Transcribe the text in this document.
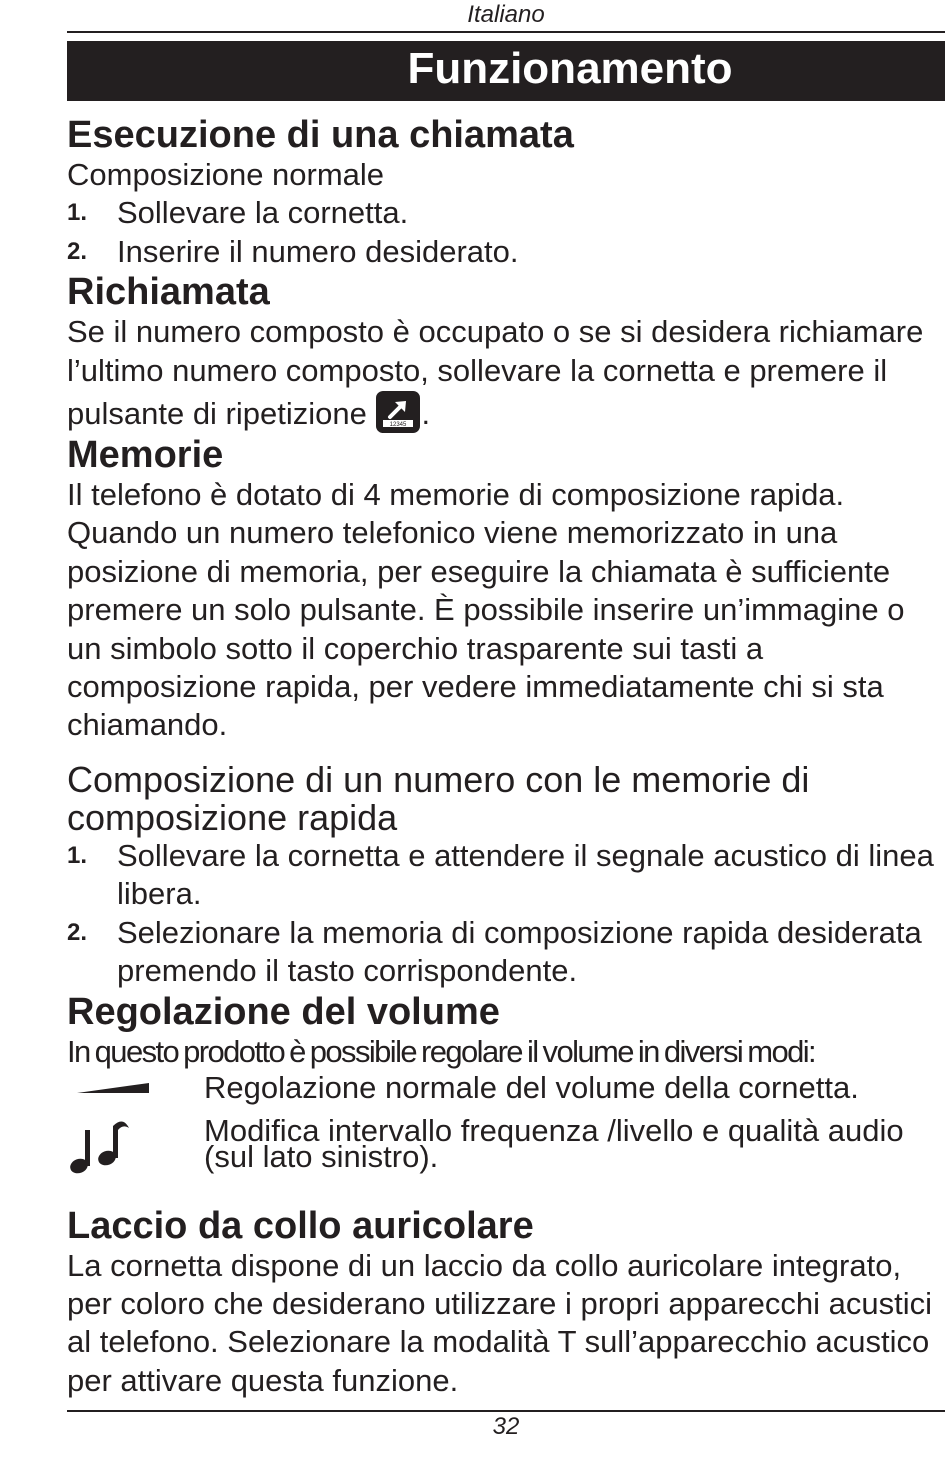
Italiano
Funzionamento
Esecuzione di una chiamata

Composizione normale

1. Sollevare la cornetta.
2. Inserire il numero desiderato.
Richiamata

Se il numero composto è occupato o se si desidera richiamare l’ultimo numero composto, sollevare la cornetta e premere il pulsante di ripetizione	12345 .

Memorie

Il telefono è dotato di 4 memorie di composizione rapida. Quando un numero telefonico viene memorizzato in una posizione di memoria, per eseguire la chiamata è sufficiente premere un solo pulsante. È possibile inserire un’immagine o un simbolo sotto il coperchio trasparente sui tasti a composizione rapida, per vedere immediatamente chi si sta chiamando.

Composizione di un numero con le memorie di composizione rapida
1. Sollevare la cornetta e attendere il segnale acustico di linea libera.
2. Selezionare la memoria di composizione rapida desiderata premendo il tasto corrispondente.
Regolazione del volume
In questo prodotto è possibile regolare il volume in diversi modi:
Regolazione normale del volume della cornetta.
Modifica intervallo frequenza /livello e qualità audio (sul lato sinistro).
Laccio da collo auricolare

La cornetta dispone di un laccio da collo auricolare integrato, per coloro che desiderano utilizzare i propri apparecchi acustici al telefono. Selezionare la modalità T sull’apparecchio acustico per attivare questa funzione.

32
